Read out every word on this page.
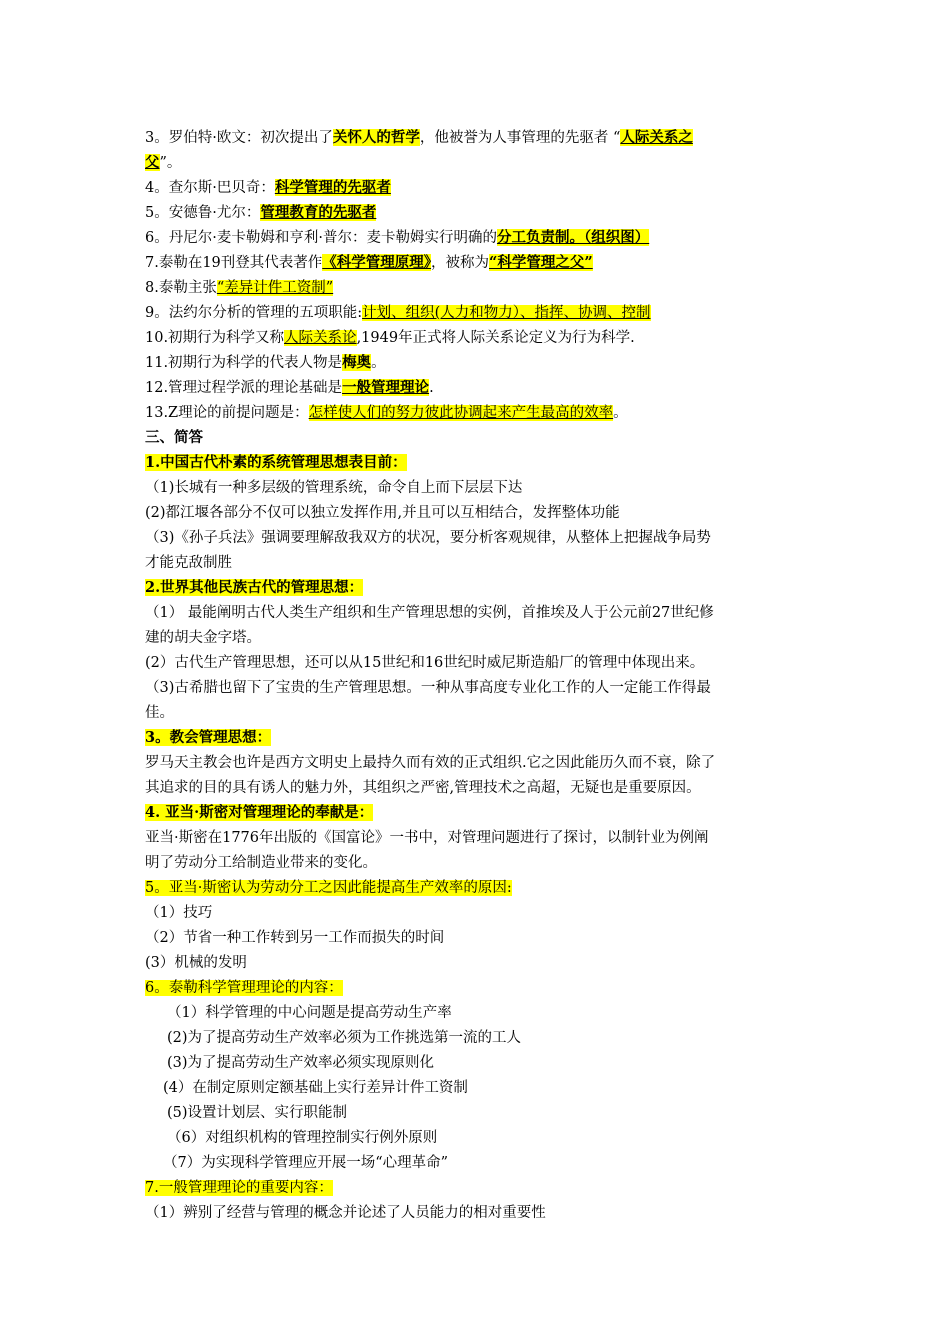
3。罗伯特·欧文：初次提出了关怀人的哲学，他被誉为人事管理的先驱者 “人际关系之
父”。
4。查尔斯·巴贝奇：科学管理的先驱者
5。安德鲁·尤尔：管理教育的先驱者
6。丹尼尔·麦卡勒姆和亨利·普尔：麦卡勒姆实行明确的分工负责制。（组织图）
7.泰勒在19刊登其代表著作《科学管理原理》，被称为“科学管理之父”
8.泰勒主张“差异计件工资制”
9。法约尔分析的管理的五项职能:计划、组织(人力和物力）、指挥、协调、控制
10.初期行为科学又称人际关系论,1949年正式将人际关系论定义为行为科学.
11.初期行为科学的代表人物是梅奥。
12.管理过程学派的理论基础是一般管理理论.
13.Z理论的前提问题是：怎样使人们的努力彼此协调起来产生最高的效率。
三、简答
1.中国古代朴素的系统管理思想表目前：
（1)长城有一种多层级的管理系统，命令自上而下层层下达
(2)都江堰各部分不仅可以独立发挥作用,并且可以互相结合，发挥整体功能
（3)《孙子兵法》强调要理解敌我双方的状况，要分析客观规律，从整体上把握战争局势
才能克敌制胜
2.世界其他民族古代的管理思想：
（1） 最能阐明古代人类生产组织和生产管理思想的实例，首推埃及人于公元前27世纪修
建的胡夫金字塔。
(2）古代生产管理思想，还可以从15世纪和16世纪时威尼斯造船厂的管理中体现出来。
（3)古希腊也留下了宝贵的生产管理思想。一种从事高度专业化工作的人一定能工作得最
佳。
3。教会管理思想：
罗马天主教会也许是西方文明史上最持久而有效的正式组织.它之因此能历久而不衰，除了
其追求的目的具有诱人的魅力外，其组织之严密,管理技术之高超，无疑也是重要原因。
4. 亚当·斯密对管理理论的奉献是：
亚当·斯密在1776年出版的《国富论》一书中，对管理问题进行了探讨，以制针业为例阐
明了劳动分工给制造业带来的变化。
5。亚当·斯密认为劳动分工之因此能提高生产效率的原因:
（1）技巧
（2）节省一种工作转到另一工作而损失的时间
(3）机械的发明
6。泰勒科学管理理论的内容：
（1）科学管理的中心问题是提高劳动生产率
(2)为了提高劳动生产效率必须为工作挑选第一流的工人
(3)为了提高劳动生产效率必须实现原则化
(4）在制定原则定额基础上实行差异计件工资制
(5)设置计划层、实行职能制
（6）对组织机构的管理控制实行例外原则
（7）为实现科学管理应开展一场“心理革命”
7.一般管理理论的重要内容：
（1）辨别了经营与管理的概念并论述了人员能力的相对重要性
